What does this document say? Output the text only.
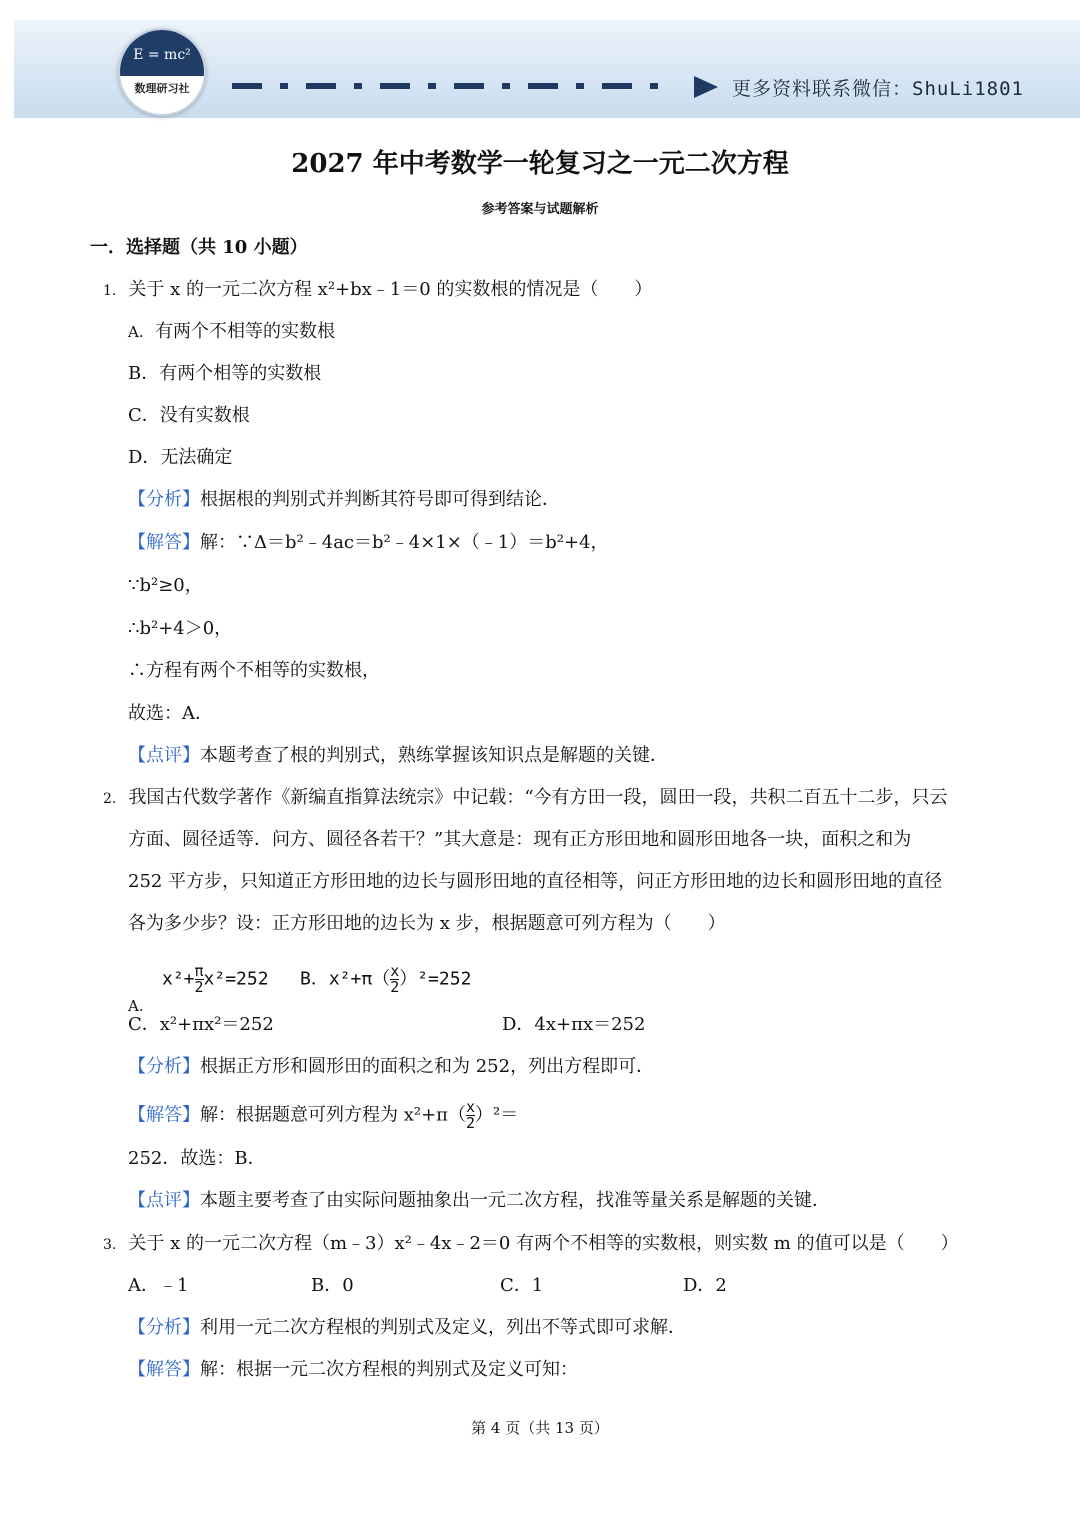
E = mc²
数理研习社	更多资料联系微信：ShuLi1801
2027 年中考数学一轮复习之一元二次方程
参考答案与试题解析
一．选择题（共 10 小题）
1. 关于 x 的一元二次方程 x²+bx﹣1＝0 的实数根的情况是（　　）
A. 有两个不相等的实数根
B．有两个相等的实数根
C．没有实数根
D．无法确定
【分析】根据根的判别式并判断其符号即可得到结论．
【解答】解：∵Δ＝b²﹣4ac＝b²﹣4×1×（﹣1）＝b²+4，
∵b²≥0，
∴b²+4＞0，
∴方程有两个不相等的实数根，
故选：A．
【点评】本题考查了根的判别式，熟练掌握该知识点是解题的关键．
2. 我国古代数学著作《新编直指算法统宗》中记载：“今有方田一段，圆田一段，共积二百五十二步，只云
方面、圆径适等．问方、圆径各若干？”其大意是：现有正方形田地和圆形田地各一块，面积之和为
252 平方步，只知道正方形田地的边长与圆形田地的直径相等，问正方形田地的边长和圆形田地的直径
各为多少步？设：正方形田地的边长为 x 步，根据题意可列方程为（　　）
A.
$x^2+ \frac{\pi}{2} x^2=252$ B．$x^2+\pi( \frac{x}{2} )^2=252$
C．x²+πx²＝252	D．4x+πx＝252
【分析】根据正方形和圆形田的面积之和为 252，列出方程即可．
【解答】解：根据题意可列方程为 $x^2+\pi( \frac{x}{2} )^2=$
252．故选：B．
【点评】本题主要考查了由实际问题抽象出一元二次方程，找准等量关系是解题的关键．
3. 关于 x 的一元二次方程（m﹣3）x²﹣4x﹣2＝0 有两个不相等的实数根，则实数 m 的值可以是（　　）
A．﹣1	B．0	C．1	D．2
【分析】利用一元二次方程根的判别式及定义，列出不等式即可求解．
【解答】解：根据一元二次方程根的判别式及定义可知：
第 4 页（共 13 页）
